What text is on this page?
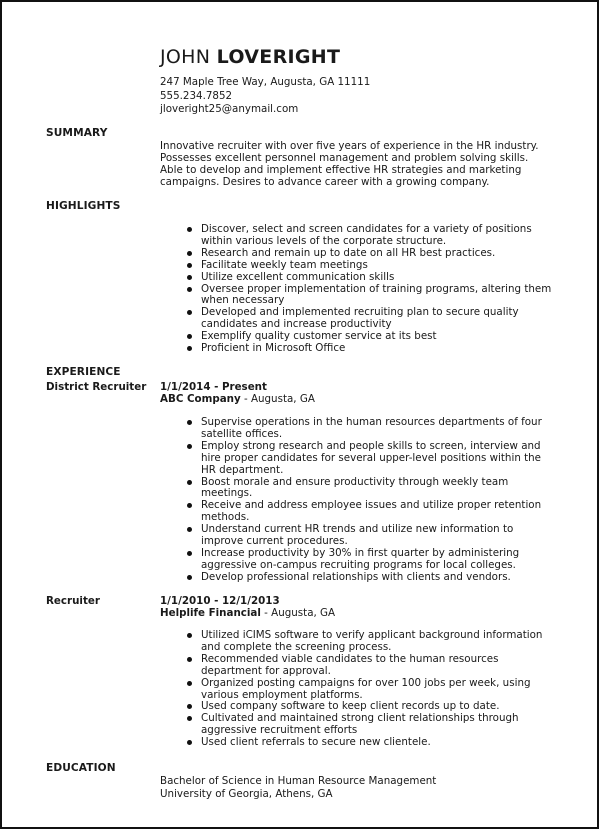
JOHN LOVERIGHT
247 Maple Tree Way, Augusta, GA 11111
555.234.7852
jloveright25@anymail.com
SUMMARY
Innovative recruiter with over five years of experience in the HR industry.
Possesses excellent personnel management and problem solving skills.
Able to develop and implement effective HR strategies and marketing
campaigns. Desires to advance career with a growing company.
HIGHLIGHTS
Discover, select and screen candidates for a variety of positions
within various levels of the corporate structure.
Research and remain up to date on all HR best practices.
Facilitate weekly team meetings
Utilize excellent communication skills
Oversee proper implementation of training programs, altering them
when necessary
Developed and implemented recruiting plan to secure quality
candidates and increase productivity
Exemplify quality customer service at its best
Proficient in Microsoft Office
EXPERIENCE
District Recruiter 1/1/2014 - Present
ABC Company - Augusta, GA
Supervise operations in the human resources departments of four
satellite offices.
Employ strong research and people skills to screen, interview and
hire proper candidates for several upper-level positions within the
HR department.
Boost morale and ensure productivity through weekly team
meetings.
Receive and address employee issues and utilize proper retention
methods.
Understand current HR trends and utilize new information to
improve current procedures.
Increase productivity by 30% in first quarter by administering
aggressive on-campus recruiting programs for local colleges.
Develop professional relationships with clients and vendors.
Recruiter	1/1/2010 - 12/1/2013
Helplife Financial - Augusta, GA
Utilized iCIMS software to verify applicant background information
and complete the screening process.
Recommended viable candidates to the human resources
department for approval.
Organized posting campaigns for over 100 jobs per week, using
various employment platforms.
Used company software to keep client records up to date.
Cultivated and maintained strong client relationships through
aggressive recruitment efforts
Used client referrals to secure new clientele.
EDUCATION
Bachelor of Science in Human Resource Management
University of Georgia, Athens, GA
